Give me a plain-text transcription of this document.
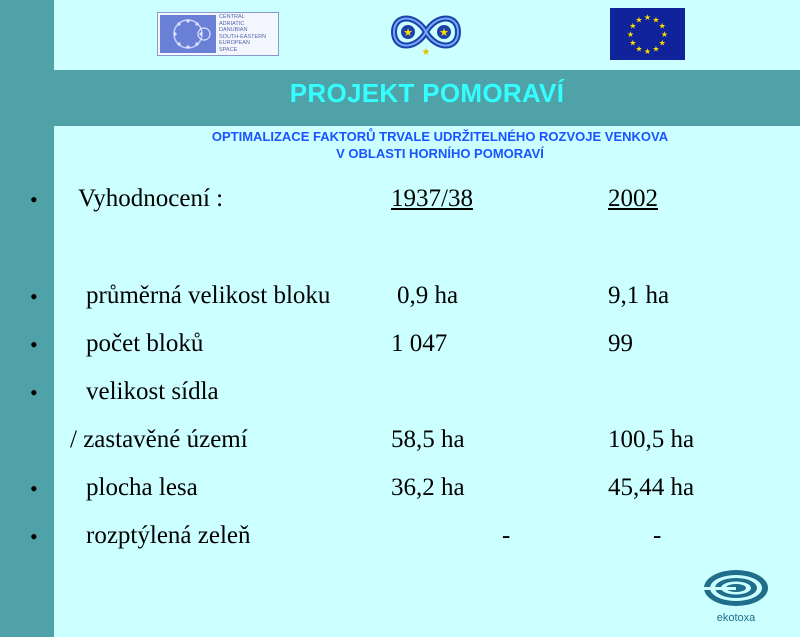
CENTRAL
ADRIATIC
DANUBIAN
SOUTH-EASTERN
EUROPEAN
SPACE
★ ★
★
★
★
★
★
★
★
★
★
★ ★ ★
★
PROJEKT POMORAVÍ
OPTIMALIZACE FAKTORŮ TRVALE UDRŽITELNÉHO ROZVOJE VENKOVA
V OBLASTI HORNÍHO POMORAVÍ
• Vyhodnocení :	1937/38	2002
• průměrná velikost bloku	0,9 ha	9,1 ha
• počet bloků	1 047	99
• velikost sídla
/ zastavěné území	58,5 ha	100,5 ha
• plocha lesa	36,2 ha	45,44 ha
• rozptýlená zeleň	-	-
ekotoxa
